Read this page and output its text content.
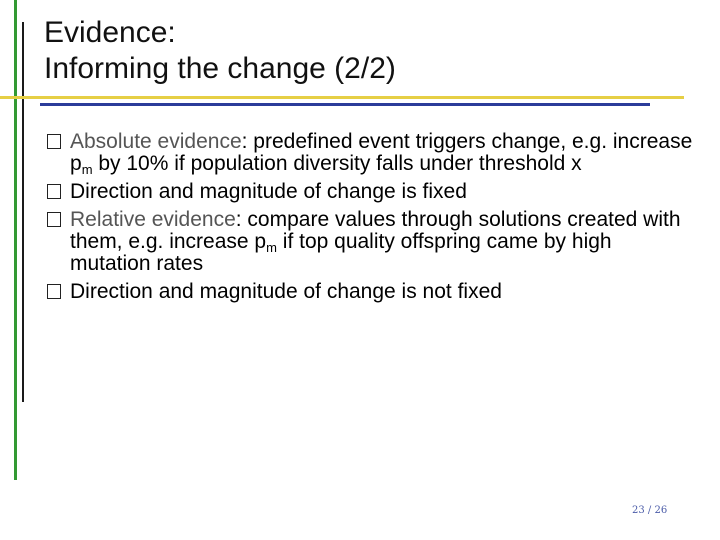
Evidence:
Informing the change (2/2)
Absolute evidence: predefined event triggers change, e.g. increase $p_m$ by 10% if population diversity falls under threshold x
Direction and magnitude of change is fixed
Relative evidence: compare values through solutions created with them, e.g. increase $p_m$ if top quality offspring came by high mutation rates
Direction and magnitude of change is not fixed
23 / 26
